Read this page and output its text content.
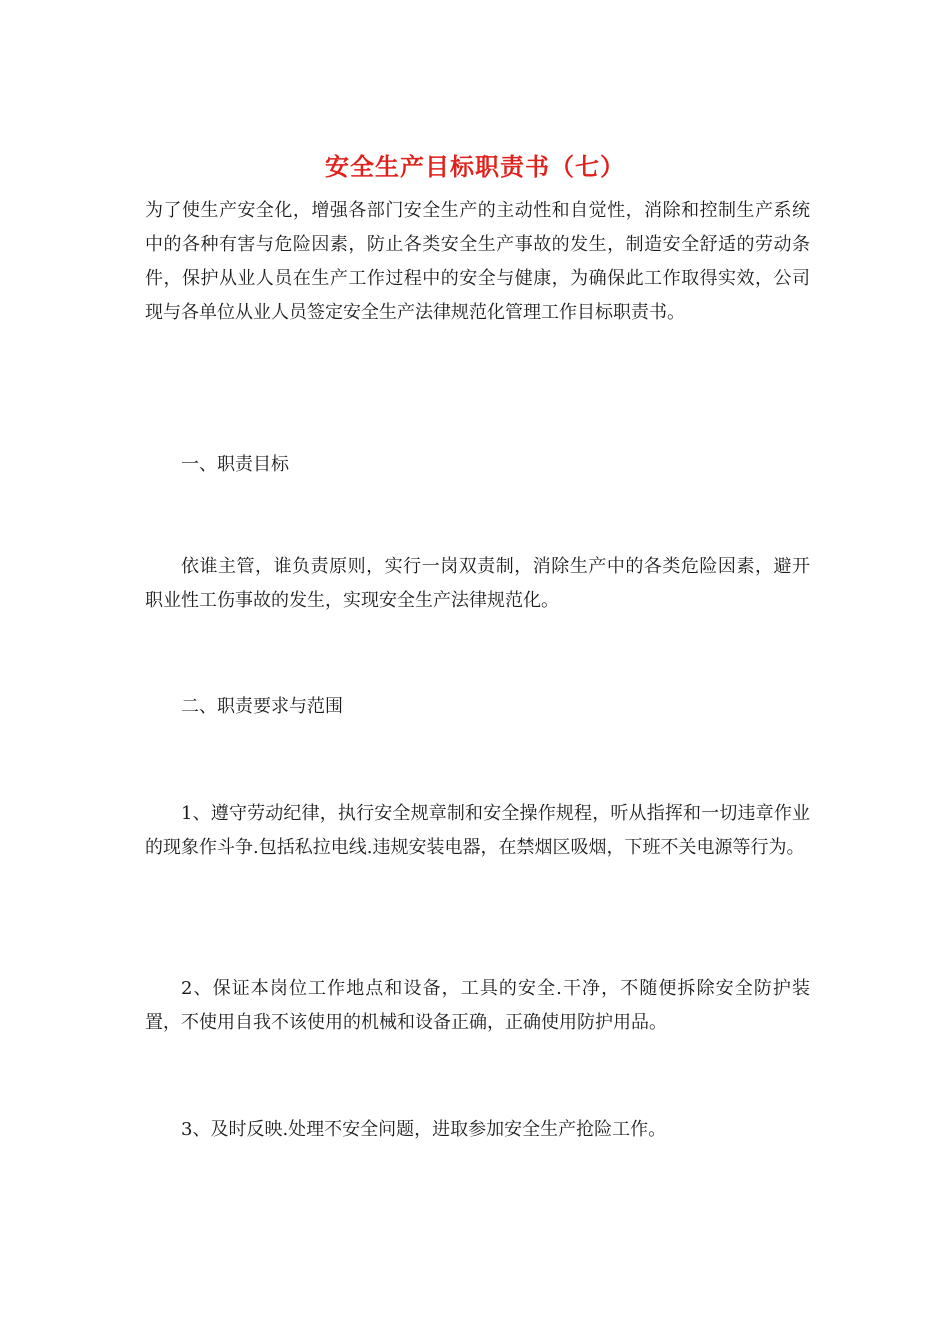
安全生产目标职责书（七）

为了使生产安全化，增强各部门安全生产的主动性和自觉性，消除和控制生产系统中的各种有害与危险因素，防止各类安全生产事故的发生，制造安全舒适的劳动条件，保护从业人员在生产工作过程中的安全与健康，为确保此工作取得实效，公司现与各单位从业人员签定安全生产法律规范化管理工作目标职责书。

一、职责目标

依谁主管，谁负责原则，实行一岗双责制，消除生产中的各类危险因素，避开职业性工伤事故的发生，实现安全生产法律规范化。

二、职责要求与范围

1、遵守劳动纪律，执行安全规章制和安全操作规程，听从指挥和一切违章作业的现象作斗争.包括私拉电线.违规安装电器，在禁烟区吸烟，下班不关电源等行为。

2、保证本岗位工作地点和设备，工具的安全.干净，不随便拆除安全防护装置，不使用自我不该使用的机械和设备正确，正确使用防护用品。

3、及时反映.处理不安全问题，进取参加安全生产抢险工作。
